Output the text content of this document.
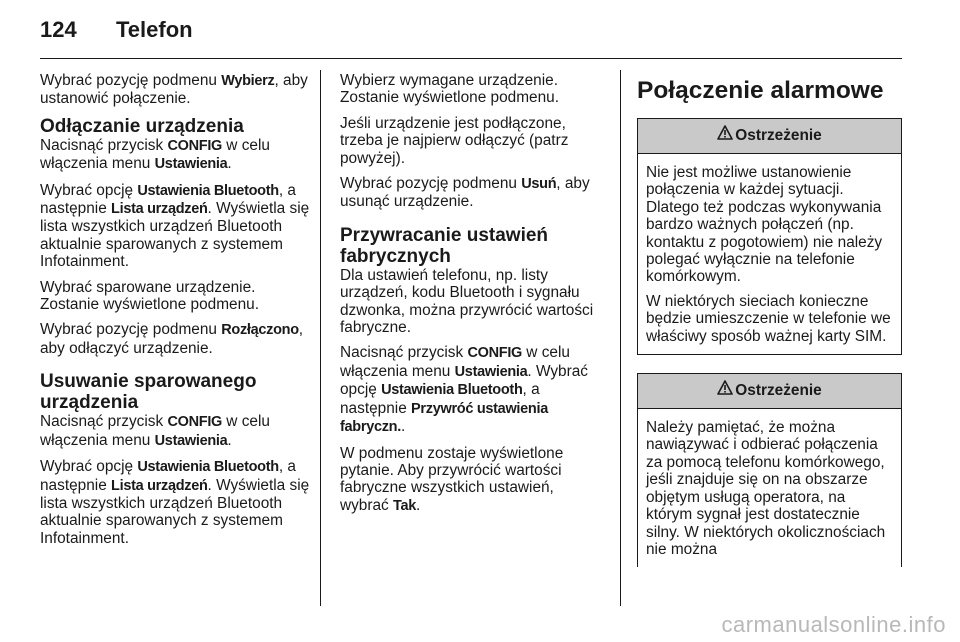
124 Telefon

Wybrać pozycję podmenu Wybierz, aby ustanowić połączenie.

Odłączanie urządzenia

Nacisnąć przycisk CONFIG w celu włączenia menu Ustawienia.

Wybrać opcję Ustawienia Bluetooth, a następnie Lista urządzeń. Wyświetla się lista wszystkich urządzeń Bluetooth aktualnie sparowanych z systemem Infotainment.

Wybrać sparowane urządzenie. Zostanie wyświetlone podmenu.

Wybrać pozycję podmenu Rozłączono, aby odłączyć urządzenie.

Usuwanie sparowanego urządzenia

Nacisnąć przycisk CONFIG w celu włączenia menu Ustawienia.

Wybrać opcję Ustawienia Bluetooth, a następnie Lista urządzeń. Wyświetla się lista wszystkich urządzeń Bluetooth aktualnie sparowanych z systemem Infotainment.

Wybierz wymagane urządzenie. Zostanie wyświetlone podmenu.

Jeśli urządzenie jest podłączone, trzeba je najpierw odłączyć (patrz powyżej).

Wybrać pozycję podmenu Usuń, aby usunąć urządzenie.

Przywracanie ustawień fabrycznych

Dla ustawień telefonu, np. listy urządzeń, kodu Bluetooth i sygnału dzwonka, można przywrócić wartości fabryczne.

Nacisnąć przycisk CONFIG w celu włączenia menu Ustawienia. Wybrać opcję Ustawienia Bluetooth, a następnie Przywróć ustawienia fabryczn..

W podmenu zostaje wyświetlone pytanie. Aby przywrócić wartości fabryczne wszystkich ustawień, wybrać Tak.

Połączenie alarmowe
Ostrzeżenie

Nie jest możliwe ustanowienie połączenia w każdej sytuacji. Dlatego też podczas wykonywania bardzo ważnych połączeń (np. kontaktu z pogotowiem) nie należy polegać wyłącznie na telefonie komórkowym.

W niektórych sieciach konieczne będzie umieszczenie w telefonie we właściwy sposób ważnej karty SIM.

Ostrzeżenie

Należy pamiętać, że można nawiązywać i odbierać połączenia za pomocą telefonu komórkowego, jeśli znajduje się on na obszarze objętym usługą operatora, na którym sygnał jest dostatecznie silny. W niektórych okolicznościach nie można

carmanualsonline.info
